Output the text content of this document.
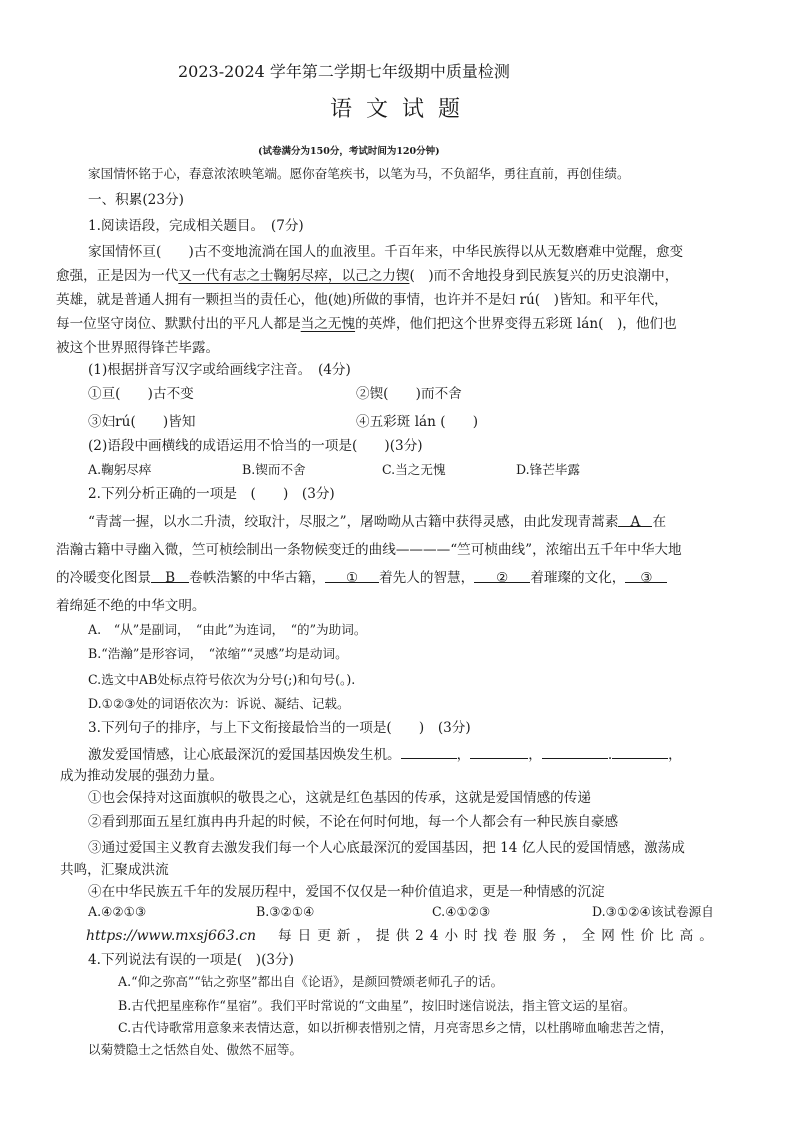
2023-2024 学年第二学期七年级期中质量检测
语文试题
(试卷满分为150分，考试时间为120分钟)
家国情怀铭于心，春意浓浓映笔端。愿你奋笔疾书，以笔为马，不负韶华，勇往直前，再创佳绩。
一、积累(23分)
1.阅读语段，完成相关题目。　(7分)
家国情怀亘(　　)古不变地流淌在国人的血液里。千百年来，中华民族得以从无数磨难中觉醒，愈变
愈强，正是因为一代又一代有志之士鞠躬尽瘁，以己之力锲(　)而不舍地投身到民族复兴的历史浪潮中，
英雄，就是普通人拥有一颗担当的责任心，他(她)所做的事情，也许并不是妇 rú(　)皆知。和平年代，
每一位坚守岗位、默默付出的平凡人都是当之无愧的英烨，他们把这个世界变得五彩斑 lán(　)，他们也
被这个世界照得锋芒毕露。
(1)根据拼音写汉字或给画线字注音。　(4分)
①亘(　　)古不变	②锲(　　)而不舍
③妇rú(　　)皆知	④五彩斑 lán (　　)
(2)语段中画横线的成语运用不恰当的一项是(　　)(3分)
A.鞠躬尽瘁	B.锲而不舍	C.当之无愧	D.锋芒毕露
2.下列分析正确的一项是　(　　)　(3分)
“青蒿一握，以水二升渍，绞取汁，尽服之”，屠呦呦从古籍中获得灵感，由此发现青蒿素 A 在
浩瀚古籍中寻幽入微，竺可桢绘制出一条物候变迁的曲线————“竺可桢曲线”，浓缩出五千年中华大地
的冷暖变化图景 B 卷帙浩繁的中华古籍， ① 着先人的智慧， ② 着璀璨的文化， ③
着绵延不绝的中华文明。
A.　“从”是副词，　“由此”为连词，　“的”为助词。
B.“浩瀚”是形容词，　“浓缩”“灵感”均是动词。
C.选文中AB处标点符号依次为分号(;)和句号(。).
D.①②③处的词语依次为：诉说、凝结、记载。
3.下列句子的排序，与上下文衔接最恰当的一项是(　　)　(3分)
激发爱国情感，让心底最深沉的爱国基因焕发生机。	，	，	.	，
成为推动发展的强劲力量。
①也会保持对这面旗帜的敬畏之心，这就是红色基因的传承，这就是爱国情感的传递
②看到那面五星红旗冉冉升起的时候，不论在何时何地，每一个人都会有一种民族自豪感
③通过爱国主义教育去激发我们每一个人心底最深沉的爱国基因，把 14 亿人民的爱国情感，激荡成
共鸣，汇聚成洪流
④在中华民族五千年的发展历程中，爱国不仅仅是一种价值追求，更是一种情感的沉淀
A.④②①③	B.③②①④	C.④①②③	D.③①②④该试卷源自
https://www.mxsj663.cn 每日更新，提供24小时找卷服务，全网性价比高。
4.下列说法有误的一项是(　)(3分)
A.“仰之弥高”“钻之弥坚”都出自《论语》，是颜回赞颂老师孔子的话。
B.古代把星座称作“星宿”。我们平时常说的“文曲星”，按旧时迷信说法，指主管文运的星宿。
C.古代诗歌常用意象来表情达意，如以折柳表惜别之情，月亮寄思乡之情，以杜鹃啼血喻悲苦之情，
以菊赞隐士之恬然自处、傲然不屈等。
